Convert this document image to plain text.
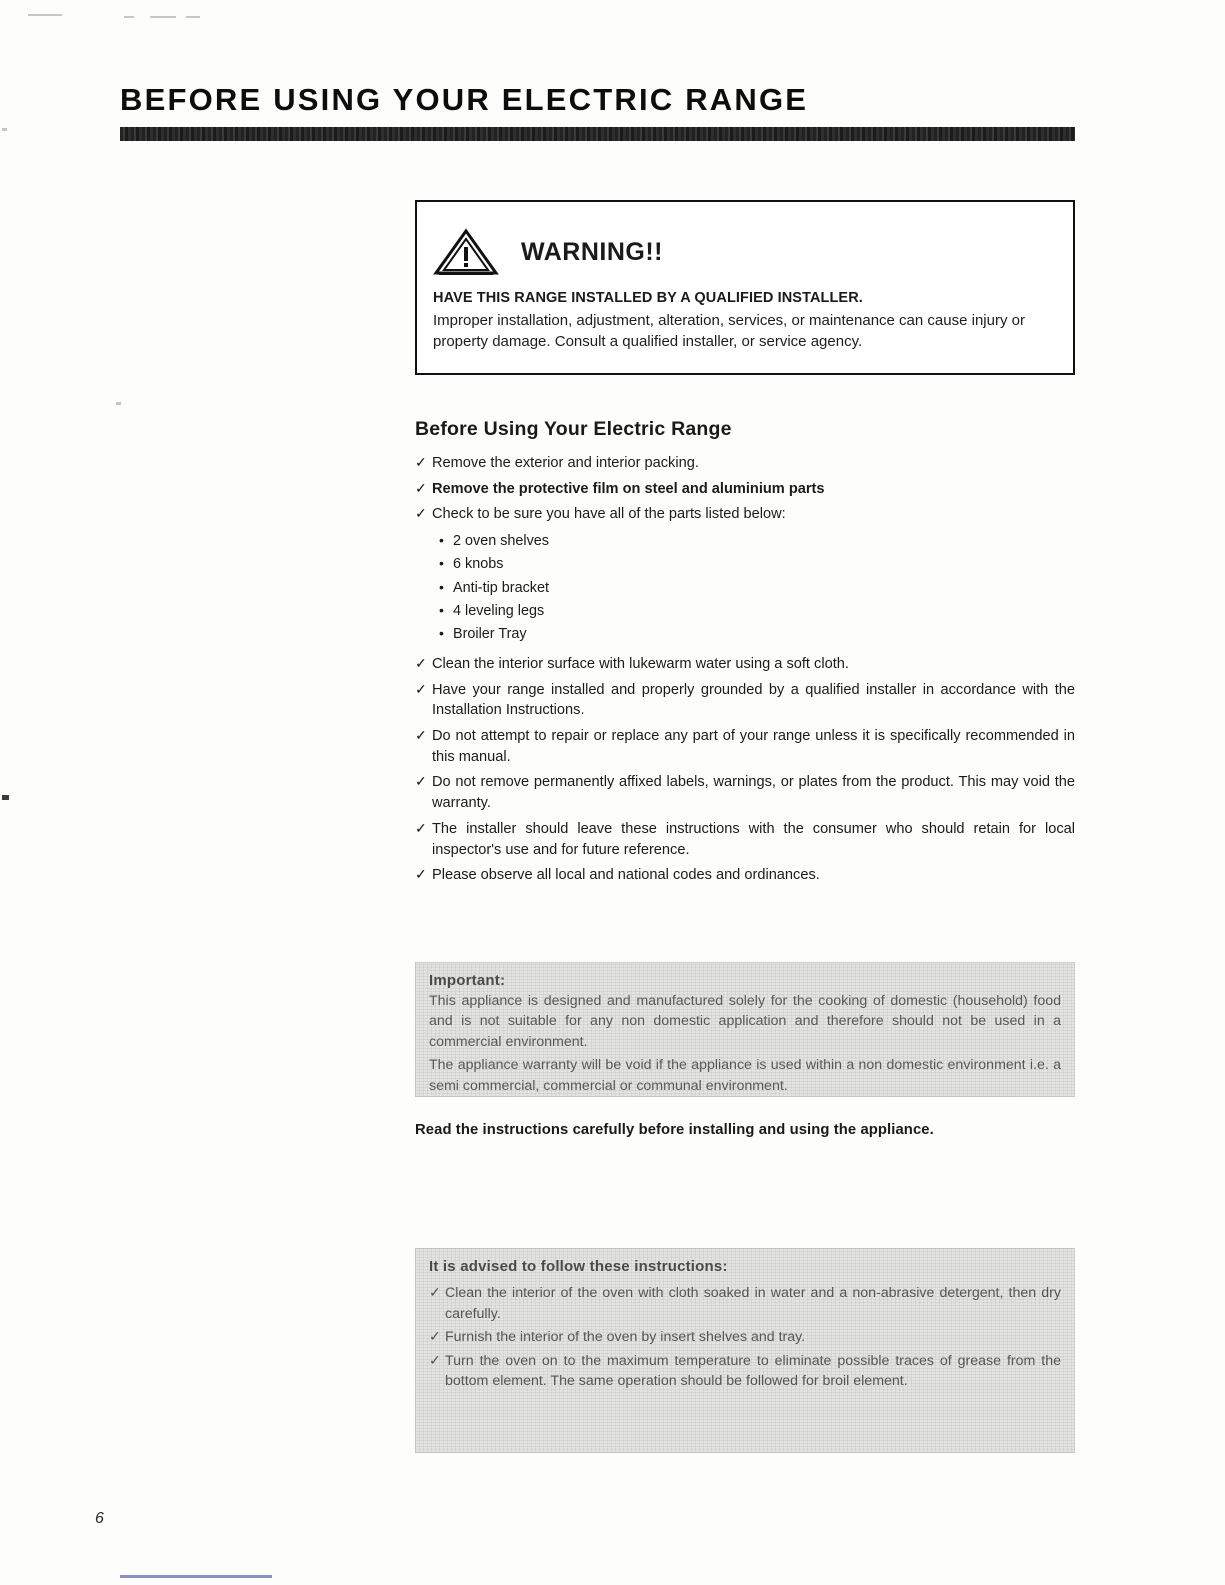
BEFORE USING YOUR ELECTRIC RANGE
WARNING!!
HAVE THIS RANGE INSTALLED BY A QUALIFIED INSTALLER.
Improper installation, adjustment, alteration, services, or maintenance can cause injury or property damage. Consult a qualified installer, or service agency.
Before Using Your Electric Range
✓ Remove the exterior and interior packing.
✓ Remove the protective film on steel and aluminium parts
✓ Check to be sure you have all of the parts listed below:
• 2 oven shelves
• 6 knobs
• Anti-tip bracket
• 4 leveling legs
• Broiler Tray
✓ Clean the interior surface with lukewarm water using a soft cloth.
✓ Have your range installed and properly grounded by a qualified installer in accordance with the Installation Instructions.
✓ Do not attempt to repair or replace any part of your range unless it is specifically recommended in this manual.
✓ Do not remove permanently affixed labels, warnings, or plates from the product. This may void the warranty.
✓ The installer should leave these instructions with the consumer who should retain for local inspector's use and for future reference.
✓ Please observe all local and national codes and ordinances.
Important:

This appliance is designed and manufactured solely for the cooking of domestic (household) food and is not suitable for any non domestic application and therefore should not be used in a commercial environment.

The appliance warranty will be void if the appliance is used within a non domestic environment i.e. a semi commercial, commercial or communal environment.

Read the instructions carefully before installing and using the appliance.
It is advised to follow these instructions:
✓ Clean the interior of the oven with cloth soaked in water and a non-abrasive detergent, then dry carefully.
✓ Furnish the interior of the oven by insert shelves and tray.
✓ Turn the oven on to the maximum temperature to eliminate possible traces of grease from the bottom element. The same operation should be followed for broil element.
6
